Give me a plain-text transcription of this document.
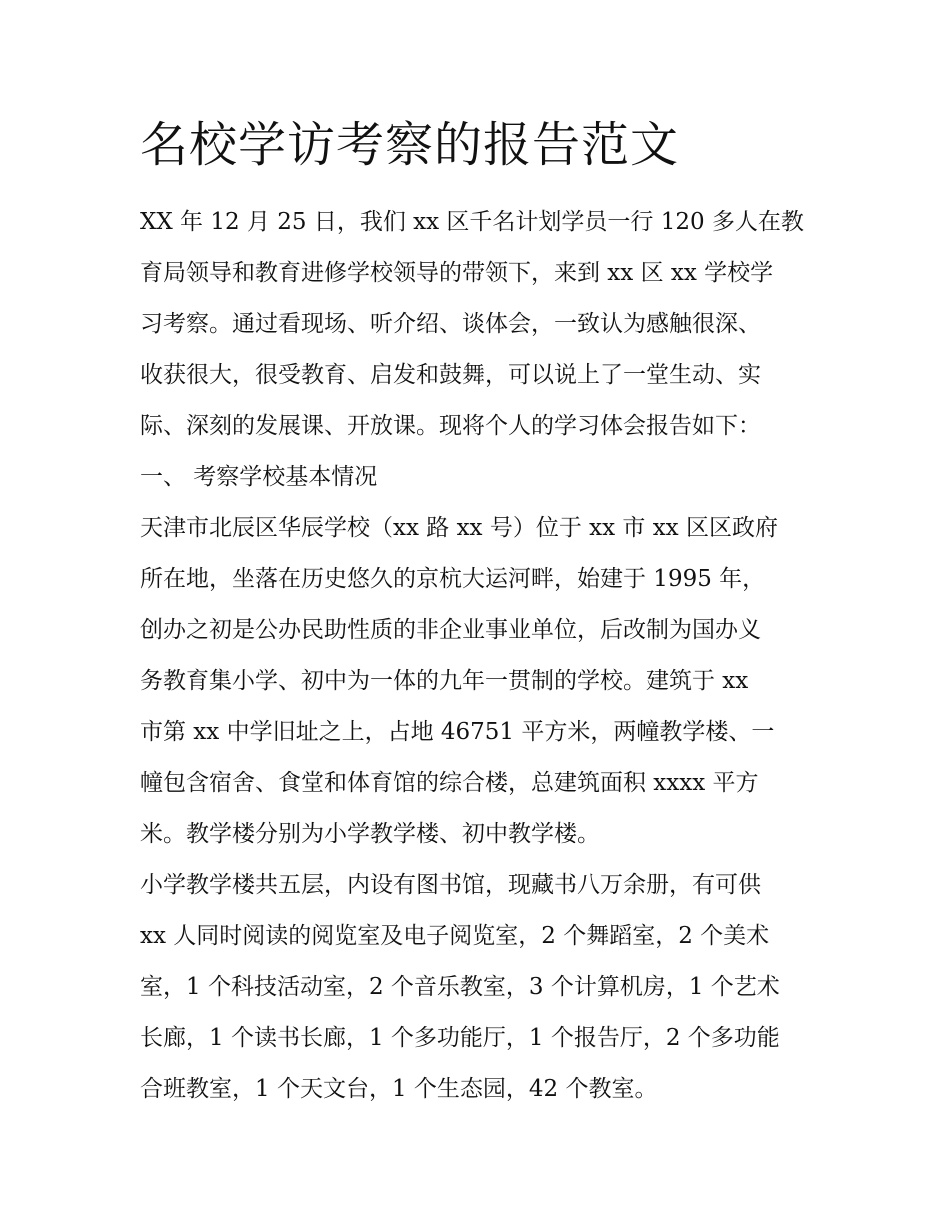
名校学访考察的报告范文

XX 年 12 月 25 日，我们 xx 区千名计划学员一行 120 多人在教

育局领导和教育进修学校领导的带领下，来到 xx 区 xx 学校学

习考察。通过看现场、听介绍、谈体会，一致认为感触很深、

收获很大，很受教育、启发和鼓舞，可以说上了一堂生动、实

际、深刻的发展课、开放课。现将个人的学习体会报告如下：

一、 考察学校基本情况

天津市北辰区华辰学校（xx 路 xx 号）位于 xx 市 xx 区区政府

所在地，坐落在历史悠久的京杭大运河畔，始建于 1995 年，

创办之初是公办民助性质的非企业事业单位，后改制为国办义

务教育集小学、初中为一体的九年一贯制的学校。建筑于 xx

市第 xx 中学旧址之上，占地 46751 平方米，两幢教学楼、一

幢包含宿舍、食堂和体育馆的综合楼，总建筑面积 xxxx 平方

米。教学楼分别为小学教学楼、初中教学楼。

小学教学楼共五层，内设有图书馆，现藏书八万余册，有可供

xx 人同时阅读的阅览室及电子阅览室，2 个舞蹈室，2 个美术

室，1 个科技活动室，2 个音乐教室，3 个计算机房，1 个艺术

长廊，1 个读书长廊，1 个多功能厅，1 个报告厅，2 个多功能

合班教室，1 个天文台，1 个生态园，42 个教室。
